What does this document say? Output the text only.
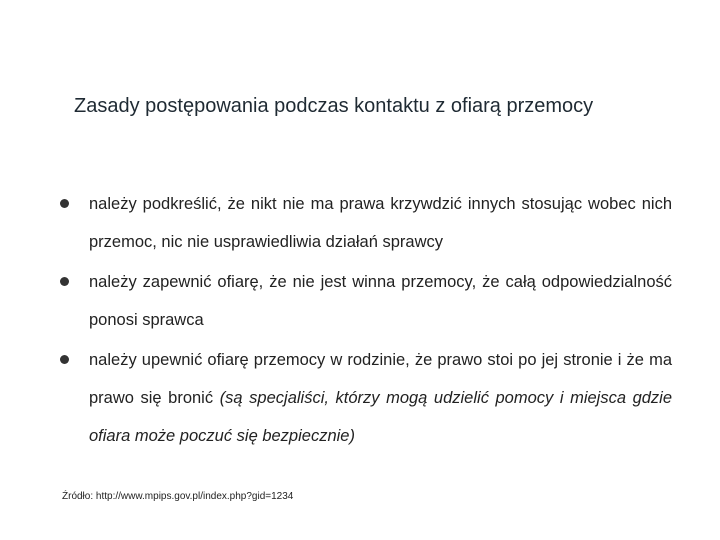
Zasady postępowania podczas kontaktu z ofiarą przemocy
należy podkreślić, że nikt nie ma prawa krzywdzić innych stosując wobec nich przemoc, nic nie usprawiedliwia działań sprawcy
należy zapewnić ofiarę, że nie jest winna przemocy, że całą odpowiedzialność ponosi sprawca
należy upewnić ofiarę przemocy w rodzinie, że prawo stoi po jej stronie i że ma prawo się bronić (są specjaliści, którzy mogą udzielić pomocy i miejsca gdzie ofiara może poczuć się bezpiecznie)
Źródło: http://www.mpips.gov.pl/index.php?gid=1234
